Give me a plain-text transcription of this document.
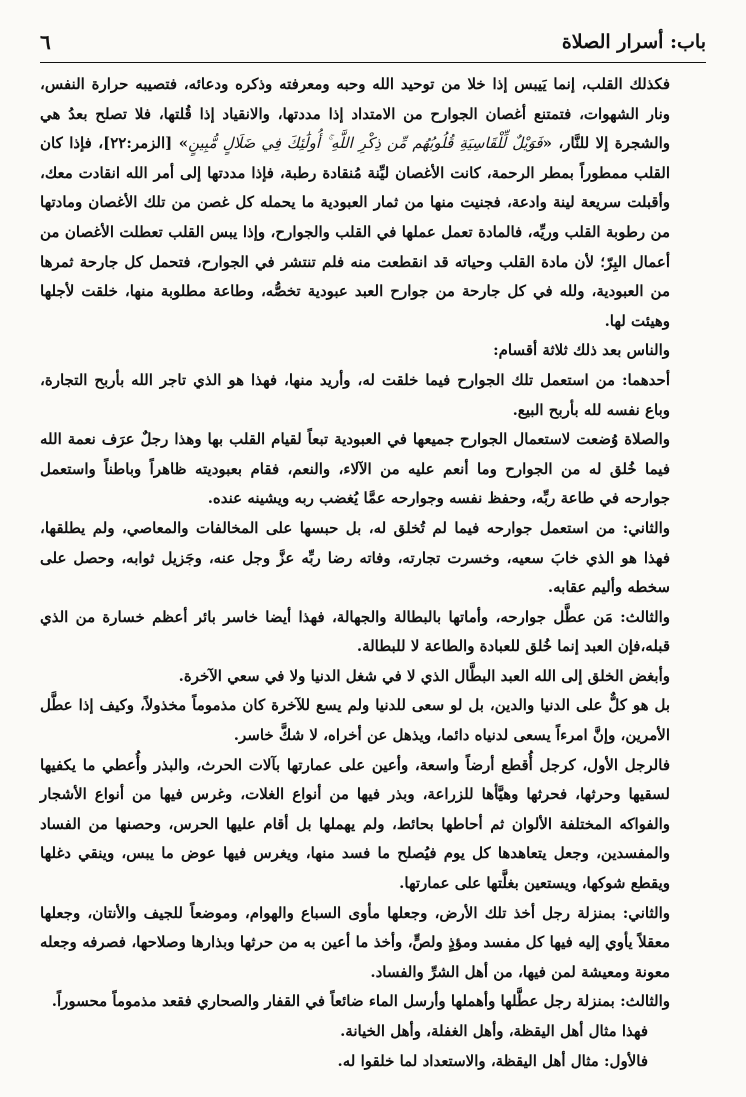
باب: أسرار الصلاة
٦

فكذلك القلب، إنما يَيبس إذا خلا من توحيد الله وحبه ومعرفته وذكره ودعائه، فتصيبه حرارة النفس، ونار الشهوات، فتمتنع أغصان الجوارح من الامتداد إذا مددتها، والانقياد إذا قُلتها، فلا تصلح بعدُ هي والشجرة إلا للنَّار، «فَوَيْلٌ لِّلْقَاسِيَةِ قُلُوبُهُم مِّن ذِكْرِ اللَّهِ ۚ أُولَٰئِكَ فِي ضَلَالٍ مُّبِينٍ» [الزمر:٢٢]، فإذا كان القلب ممطوراً بمطر الرحمة، كانت الأغصان ليِّنة مُنقادة رطبة، فإذا مددتها إلى أمر الله انقادت معك، وأقبلت سريعة لينة وادعة، فجنيت منها من ثمار العبودية ما يحمله كل غصن من تلك الأغصان ومادتها من رطوبة القلب وريِّه، فالمادة تعمل عملها في القلب والجوارح، وإذا يبس القلب تعطلت الأغصان من أعمال البِرّ؛ لأن مادة القلب وحياته قد انقطعت منه فلم تنتشر في الجوارح، فتحمل كل جارحة ثمرها من العبودية، ولله في كل جارحة من جوارح العبد عبودية تخصُّه، وطاعة مطلوبة منها، خلقت لأجلها وهيئت لها.

والناس بعد ذلك ثلاثة أقسام:

أحدهما: من استعمل تلك الجوارح فيما خلقت له، وأريد منها، فهذا هو الذي تاجر الله بأربح التجارة، وباع نفسه لله بأربح البيع.

والصلاة وُضعت لاستعمال الجوارح جميعها في العبودية تبعاً لقيام القلب بها وهذا رجلٌ عرَف نعمة الله فيما خُلق له من الجوارح وما أنعم عليه من الآلاء، والنعم، فقام بعبوديته ظاهراً وباطناً واستعمل جوارحه في طاعة ربِّه، وحفظ نفسه وجوارحه عمَّا يُغضب ربه ويشينه عنده.

والثاني: من استعمل جوارحه فيما لم تُخلق له، بل حبسها على المخالفات والمعاصي، ولم يطلقها، فهذا هو الذي خابَ سعيه، وخسرت تجارته، وفاته رضا ربِّه عزَّ وجل عنه، وجَزيل ثوابه، وحصل على سخطه وأليم عقابه.

والثالث: مَن عطَّل جوارحه، وأماتها بالبطالة والجهالة، فهذا أيضا خاسر بائر أعظم خسارة من الذي قبله،فإن العبد إنما خُلق للعبادة والطاعة لا للبطالة.

وأبغض الخلق إلى الله العبد البطَّال الذي لا في شغل الدنيا ولا في سعي الآخرة.

بل هو كلٌّ على الدنيا والدين، بل لو سعى للدنيا ولم يسع للآخرة كان مذموماً مخذولاً، وكيف إذا عطَّل الأمرين، وإنَّ امرءاً يسعى لدنياه دائما، ويذهل عن أخراه، لا شكَّ خاسر.

فالرجل الأول، كرجل أُقطع أرضاً واسعة، وأعين على عمارتها بآلات الحرث، والبذر وأُعطي ما يكفيها لسقيها وحرثها، فحرثها وهيَّأها للزراعة، وبذر فيها من أنواع الغلات، وغرس فيها من أنواع الأشجار والفواكه المختلفة الألوان ثم أحاطها بحائط، ولم يهملها بل أقام عليها الحرس، وحصنها من الفساد والمفسدين، وجعل يتعاهدها كل يوم فيُصلح ما فسد منها، ويغرس فيها عوض ما يبس، وينقي دغلها ويقطع شوكها، ويستعين بغلَّتها على عمارتها.

والثاني: بمنزلة رجل أخذ تلك الأرض، وجعلها مأوى السباع والهوام، وموضعاً للجيف والأنتان، وجعلها معقلاً يأوي إليه فيها كل مفسد ومؤذٍ ولصٍّ، وأخذ ما أعين به من حرثها وبذارها وصلاحها، فصرفه وجعله معونة ومعيشة لمن فيها، من أهل الشرِّ والفساد.

والثالث: بمنزلة رجل عطَّلها وأهملها وأرسل الماء ضائعاً في القفار والصحاري فقعد مذموماً محسوراً.

فهذا مثال أهل اليقظة، وأهل الغفلة، وأهل الخيانة.

فالأول: مثال أهل اليقظة، والاستعداد لما خلقوا له.
